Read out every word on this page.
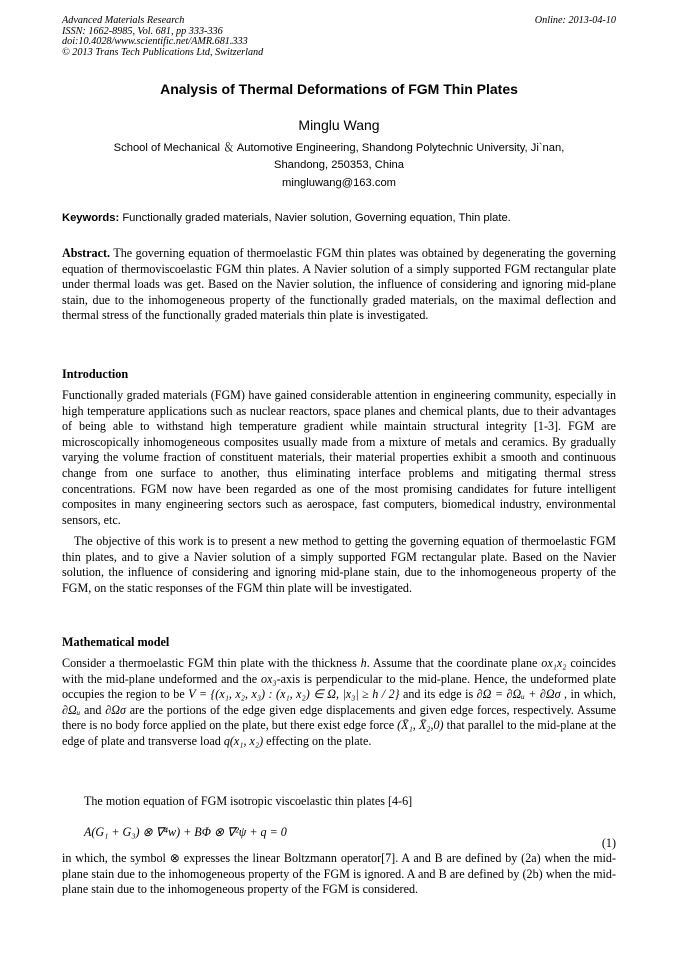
Advanced Materials Research
ISSN: 1662-8985, Vol. 681, pp 333-336
doi:10.4028/www.scientific.net/AMR.681.333
© 2013 Trans Tech Publications Ltd, Switzerland
Online: 2013-04-10
Analysis of Thermal Deformations of FGM Thin Plates
Minglu Wang
School of Mechanical ＆ Automotive Engineering, Shandong Polytechnic University, Ji`nan,
Shandong, 250353, China
mingluwang@163.com
Keywords: Functionally graded materials, Navier solution, Governing equation, Thin plate.
Abstract. The governing equation of thermoelastic FGM thin plates was obtained by degenerating the governing equation of thermoviscoelastic FGM thin plates. A Navier solution of a simply supported FGM rectangular plate under thermal loads was get. Based on the Navier solution, the influence of considering and ignoring mid-plane stain, due to the inhomogeneous property of the functionally graded materials, on the maximal deflection and thermal stress of the functionally graded materials thin plate is investigated.
Introduction
Functionally graded materials (FGM) have gained considerable attention in engineering community, especially in high temperature applications such as nuclear reactors, space planes and chemical plants, due to their advantages of being able to withstand high temperature gradient while maintain structural integrity [1-3]. FGM are microscopically inhomogeneous composites usually made from a mixture of metals and ceramics. By gradually varying the volume fraction of constituent materials, their material properties exhibit a smooth and continuous change from one surface to another, thus eliminating interface problems and mitigating thermal stress concentrations. FGM now have been regarded as one of the most promising candidates for future intelligent composites in many engineering sectors such as aerospace, fast computers, biomedical industry, environmental sensors, etc.
The objective of this work is to present a new method to getting the governing equation of thermoelastic FGM thin plates, and to give a Navier solution of a simply supported FGM rectangular plate. Based on the Navier solution, the influence of considering and ignoring mid-plane stain, due to the inhomogeneous property of the FGM, on the static responses of the FGM thin plate will be investigated.
Mathematical model
Consider a thermoelastic FGM thin plate with the thickness h. Assume that the coordinate plane ox₁x₂ coincides with the mid-plane undeformed and the ox₃-axis is perpendicular to the mid-plane. Hence, the undeformed plate occupies the region to be V = {(x₁, x₂, x₃) : (x₁, x₂) ∈ Ω, |x₃| ≥ h / 2} and its edge is ∂Ω = ∂Ωᵤ + ∂Ωσ , in which, ∂Ωᵤ and ∂Ωσ are the portions of the edge given edge displacements and given edge forces, respectively. Assume there is no body force applied on the plate, but there exist edge force (X̄₁, X̄₂,0) that parallel to the mid-plane at the edge of plate and transverse load q(x₁, x₂) effecting on the plate.
The motion equation of FGM isotropic viscoelastic thin plates [4-6]
A(G₁ + G₃) ⊗ ∇⁴w) + BΦ ⊗ ∇²ψ + q = 0
(1)
in which, the symbol ⊗ expresses the linear Boltzmann operator[7]. A and B are defined by (2a) when the mid-plane stain due to the inhomogeneous property of the FGM is ignored. A and B are defined by (2b) when the mid-plane stain due to the inhomogeneous property of the FGM is considered.
